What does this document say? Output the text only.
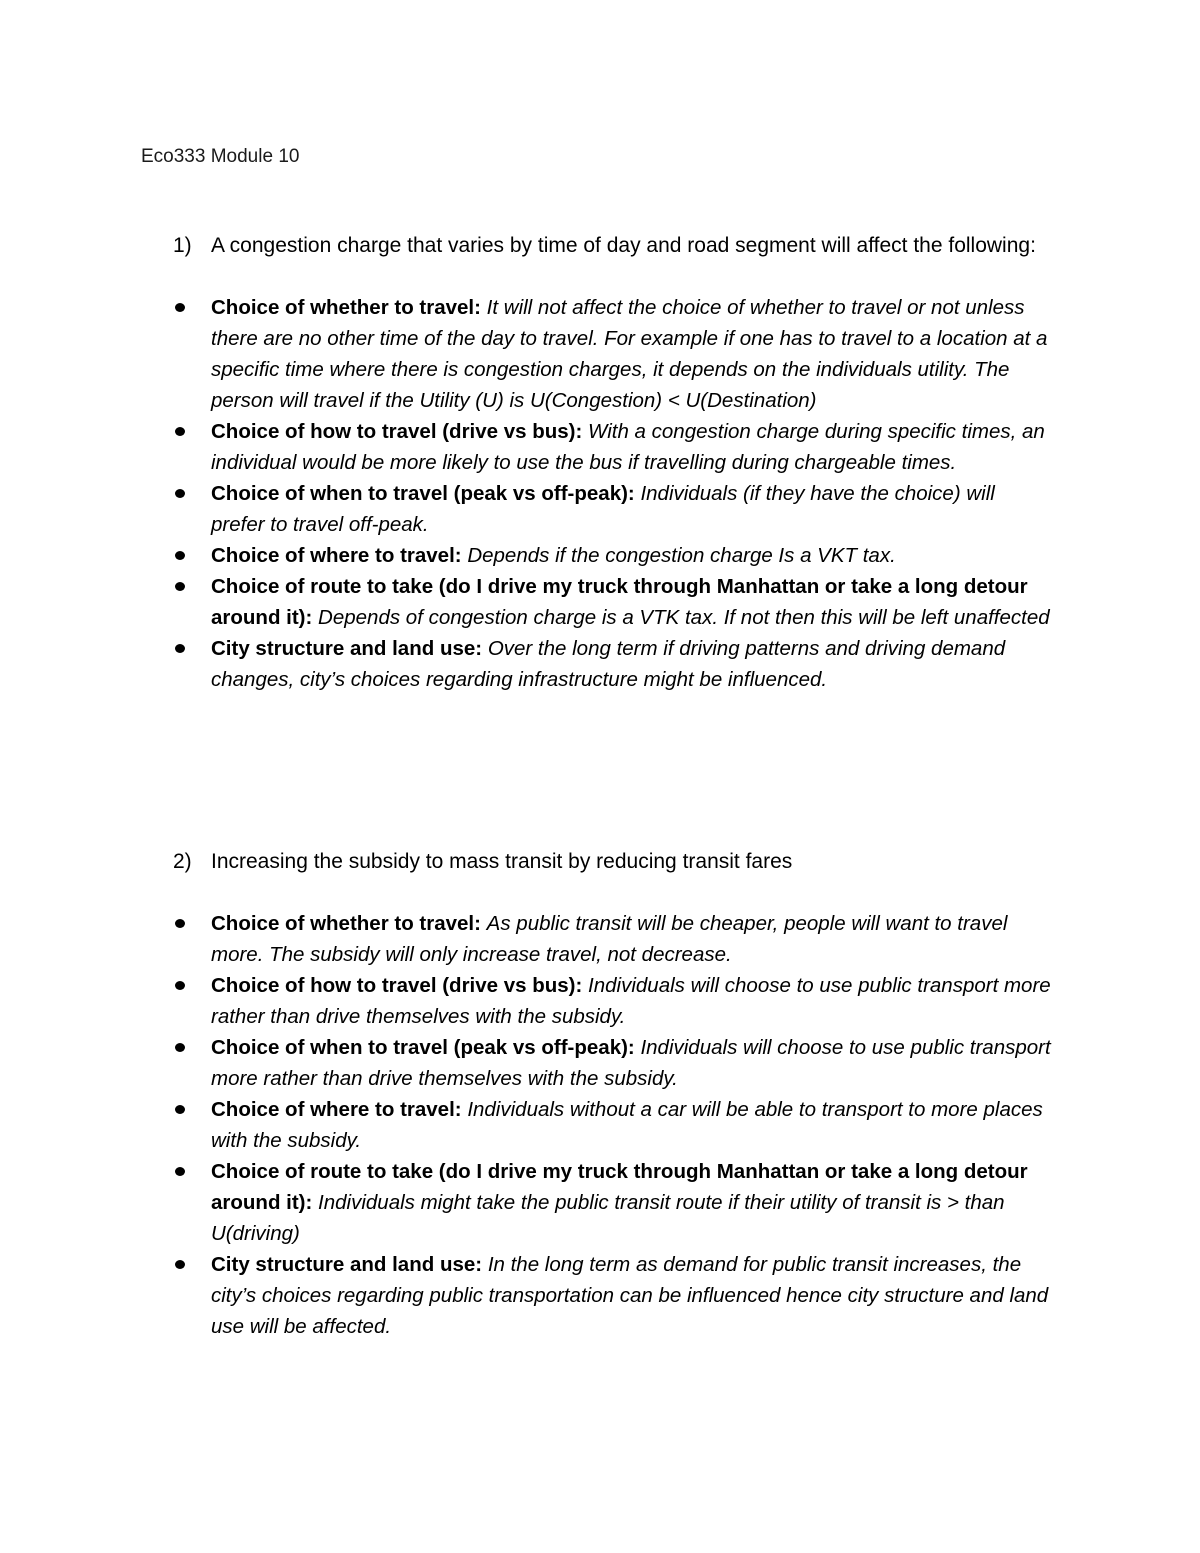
Eco333 Module 10
1) A congestion charge that varies by time of day and road segment will affect the following:
Choice of whether to travel: It will not affect the choice of whether to travel or not unless there are no other time of the day to travel. For example if one has to travel to a location at a specific time where there is congestion charges, it depends on the individuals utility. The person will travel if the Utility (U) is U(Congestion) < U(Destination)
Choice of how to travel (drive vs bus): With a congestion charge during specific times, an individual would be more likely to use the bus if travelling during chargeable times.
Choice of when to travel (peak vs off-peak): Individuals (if they have the choice) will prefer to travel off-peak.
Choice of where to travel: Depends if the congestion charge Is a VKT tax.
Choice of route to take (do I drive my truck through Manhattan or take a long detour around it): Depends of congestion charge is a VTK tax. If not then this will be left unaffected
City structure and land use: Over the long term if driving patterns and driving demand changes, city’s choices regarding infrastructure might be influenced.
2) Increasing the subsidy to mass transit by reducing transit fares
Choice of whether to travel: As public transit will be cheaper, people will want to travel more. The subsidy will only increase travel, not decrease.
Choice of how to travel (drive vs bus): Individuals will choose to use public transport more rather than drive themselves with the subsidy.
Choice of when to travel (peak vs off-peak): Individuals will choose to use public transport more rather than drive themselves with the subsidy.
Choice of where to travel: Individuals without a car will be able to transport to more places with the subsidy.
Choice of route to take (do I drive my truck through Manhattan or take a long detour around it): Individuals might take the public transit route if their utility of transit is > than U(driving)
City structure and land use: In the long term as demand for public transit increases, the city’s choices regarding public transportation can be influenced hence city structure and land use will be affected.
